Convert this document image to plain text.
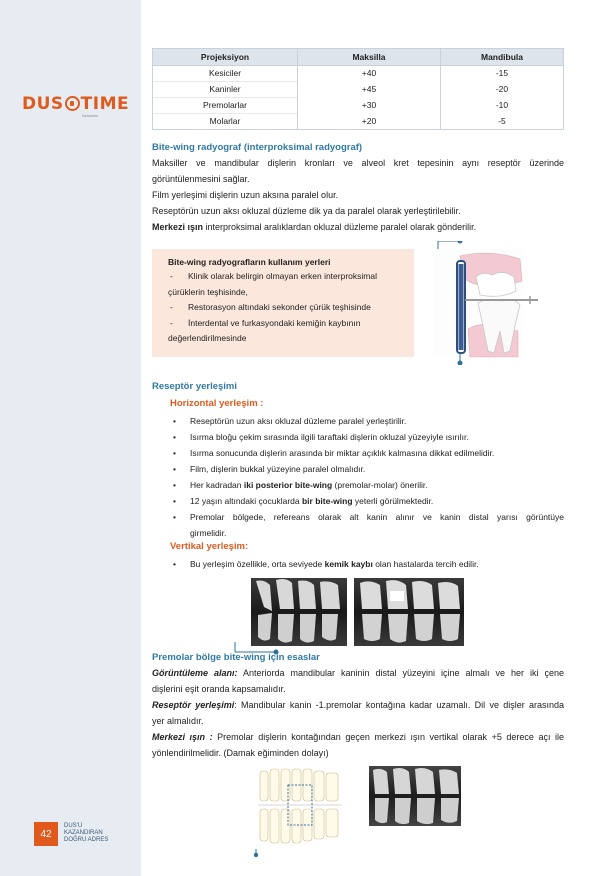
DUS TIME
Kazandırır
42
DUS'U
KAZANDIRAN
DOĞRU ADRES
Projeksiyon	Maksilla	Mandibula
Kesiciler	+40	-15
Kaninler	+45	-20
Premolarlar	+30	-10
Molarlar	+20	-5
Bite-wing radyograf (interproksimal radyograf)
Maksiller ve mandibular dişlerin kronları ve alveol kret tepesinin aynı reseptör üzerinde
görüntülenmesini sağlar.
Film yerleşimi dişlerin uzun aksına paralel olur.
Reseptörün uzun aksı okluzal düzleme dik ya da paralel olarak yerleştirilebilir.
Merkezi ışın interproksimal aralıklardan okluzal düzleme paralel olarak gönderilir.
Bite-wing radyografların kullanım yerleri
- Klinik olarak belirgin olmayan erken interproksimal
çürüklerin teşhisinde,
- Restorasyon altındaki sekonder çürük teşhisinde
- İnterdental ve furkasyondaki kemiğin kaybının
değerlendirilmesinde
Reseptör yerleşimi
Horizontal yerleşim :
• Reseptörün uzun aksı okluzal düzleme paralel yerleştirilir.
• Isırma bloğu çekim sırasında ilgili taraftaki dişlerin okluzal yüzeyiyle ısırılır.
• Isırma sonucunda dişlerin arasında bir miktar açıklık kalmasına dikkat edilmelidir.
• Film, dişlerin bukkal yüzeyine paralel olmalıdır.
• Her kadradan iki posterior bite-wing (premolar-molar) önerilir.
• 12 yaşın altındaki çocuklarda bir bite-wing yeterli görülmektedir.
• Premolar bölgede, refereans olarak alt kanin alınır ve kanin distal yarısı görüntüye
girmelidir.
Vertikal yerleşim:
• Bu yerleşim özellikle, orta seviyede kemik kaybı olan hastalarda tercih edilir.
Premolar bölge bite-wing için esaslar
Görüntüleme alanı: Anteriorda mandibular kaninin distal yüzeyini içine almalı ve her iki çene
dişlerini eşit oranda kapsamalıdır.
Reseptör yerleşimi: Mandibular kanin -1.premolar kontağına kadar uzamalı. Dil ve dişler arasında
yer almalıdır.
Merkezi ışın : Premolar dişlerin kontağından geçen merkezi ışın vertikal olarak +5 derece açı ile
yönlendirilmelidir. (Damak eğiminden dolayı)
